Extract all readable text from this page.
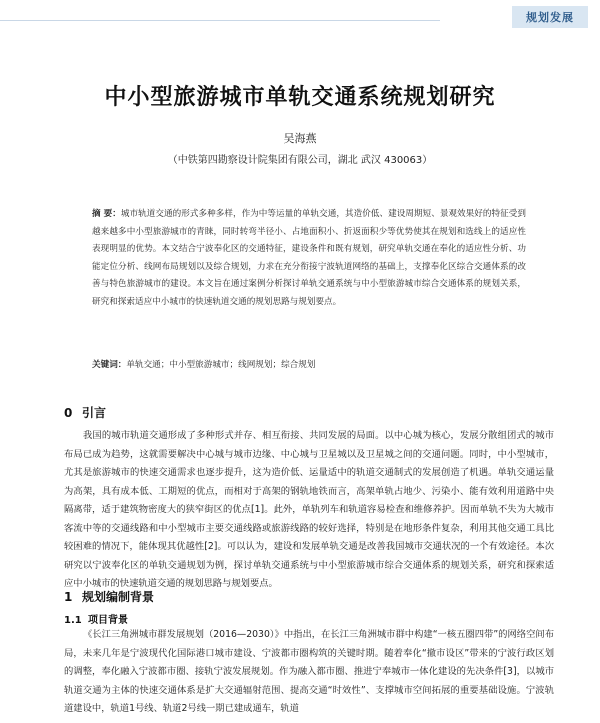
规划发展
中小型旅游城市单轨交通系统规划研究
吴海燕
（中铁第四勘察设计院集团有限公司，湖北 武汉 430063）
摘 要：城市轨道交通的形式多种多样，作为中等运量的单轨交通，其造价低、建设周期短、景观效果好的特征受到越来越多中小型旅游城市的青睐，同时转弯半径小、占地面积小、折返面积少等优势使其在规划和选线上的适应性表现明显的优势。本文结合宁波奉化区的交通特征，建设条件和既有规划，研究单轨交通在奉化的适应性分析、功能定位分析、线网布局规划以及综合规划，力求在充分衔接宁波轨道网络的基础上，支撑奉化区综合交通体系的改善与特色旅游城市的建设。本文旨在通过案例分析探讨单轨交通系统与中小型旅游城市综合交通体系的规划关系，研究和探索适应中小城市的快速轨道交通的规划思路与规划要点。
关键词：单轨交通；中小型旅游城市；线网规划；综合规划
0 引言
我国的城市轨道交通形成了多种形式并存、相互衔接、共同发展的局面。以中心城为核心，发展分散组团式的城市布局已成为趋势，这就需要解决中心城与城市边缘、中心城与卫星城以及卫星城之间的交通问题。同时，中小型城市，尤其是旅游城市的快速交通需求也逐步提升，这为造价低、运量适中的轨道交通制式的发展创造了机遇。单轨交通运量为高架，具有成本低、工期短的优点，而相对于高架的钢轨地铁而言，高架单轨占地少、污染小、能有效利用道路中央隔离带，适于建筑物密度大的狭窄街区的优点[1]。此外，单轨列车和轨道容易检查和维修养护。因而单轨不失为大城市客流中等的交通线路和中小型城市主要交通线路或旅游线路的较好选择，特别是在地形条件复杂，利用其他交通工具比较困难的情况下，能体现其优越性[2]。可以认为，建设和发展单轨交通是改善我国城市交通状况的一个有效途径。本次研究以宁波奉化区的单轨交通规划为例，探讨单轨交通系统与中小型旅游城市综合交通体系的规划关系，研究和探索适应中小城市的快速轨道交通的规划思路与规划要点。
1 规划编制背景
1.1 项目背景
《长江三角洲城市群发展规划（2016—2030）》中指出，在长江三角洲城市群中构建“一核五圈四带”的网络空间布局，未来几年是宁波现代化国际港口城市建设、宁波都市圈构筑的关键时期。随着奉化“撤市设区”带来的宁波行政区划的调整，奉化融入宁波都市圈、接轨宁波发展规划。作为融入都市圈、推进宁奉城市一体化建设的先决条件[3]，以城市轨道交通为主体的快速交通体系是扩大交通辐射范围、提高交通“时效性”、支撑城市空间拓展的重要基础设施。宁波轨道建设中，轨道1号线、轨道2号线一期已建成通车，轨道
